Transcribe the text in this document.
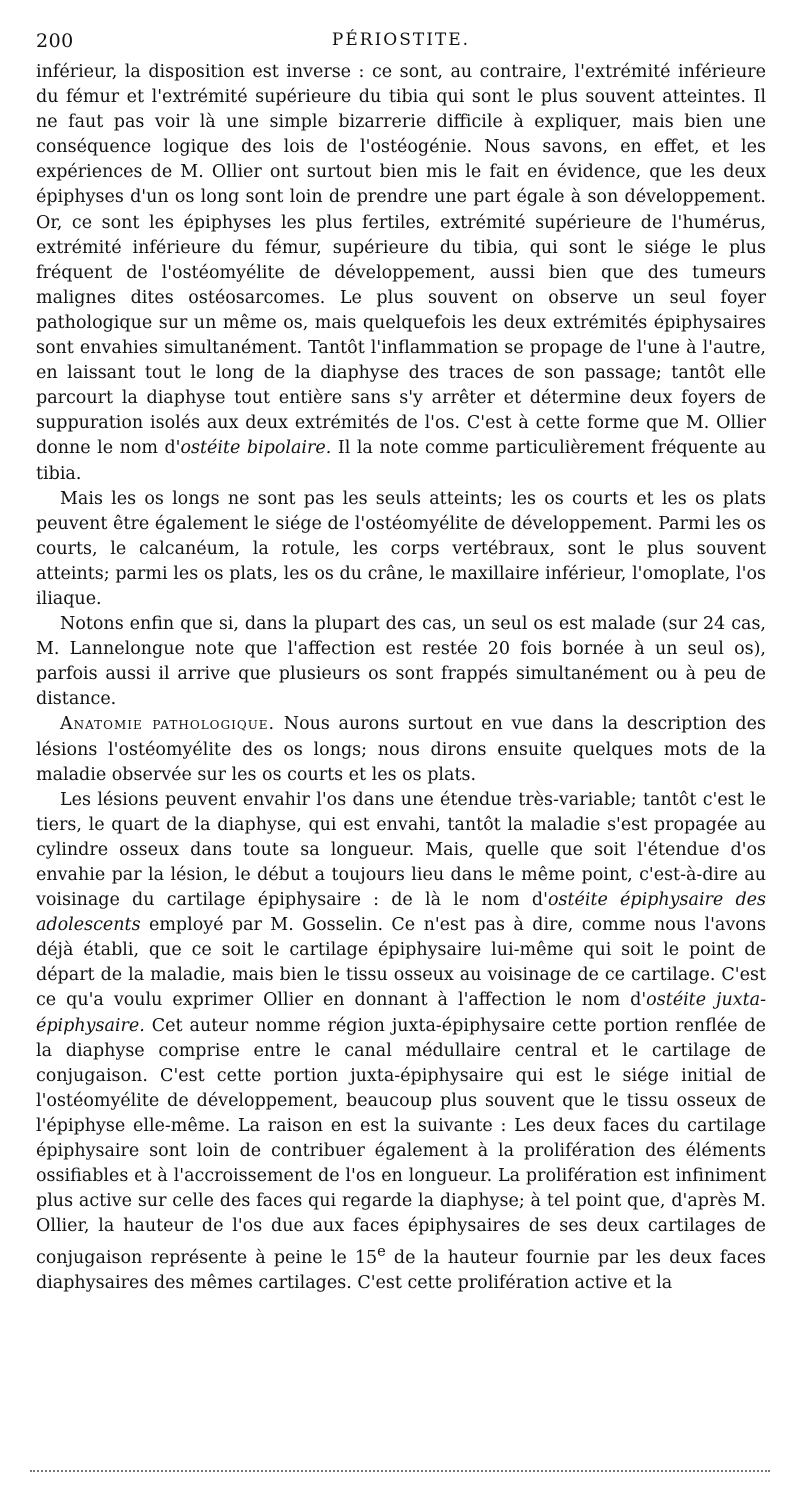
200	PÉRIOSTITE.

inférieur, la disposition est inverse : ce sont, au contraire, l'extrémité inférieure du fémur et l'extrémité supérieure du tibia qui sont le plus souvent atteintes. Il ne faut pas voir là une simple bizarrerie difficile à expliquer, mais bien une conséquence logique des lois de l'ostéogénie. Nous savons, en effet, et les expériences de M. Ollier ont surtout bien mis le fait en évidence, que les deux épiphyses d'un os long sont loin de prendre une part égale à son développement. Or, ce sont les épiphyses les plus fertiles, extrémité supérieure de l'humérus, extrémité inférieure du fémur, supérieure du tibia, qui sont le siége le plus fréquent de l'ostéomyélite de développement, aussi bien que des tumeurs malignes dites ostéosarcomes. Le plus souvent on observe un seul foyer pathologique sur un même os, mais quelquefois les deux extrémités épiphysaires sont envahies simultanément. Tantôt l'inflammation se propage de l'une à l'autre, en laissant tout le long de la diaphyse des traces de son passage; tantôt elle parcourt la diaphyse tout entière sans s'y arrêter et détermine deux foyers de suppuration isolés aux deux extrémités de l'os. C'est à cette forme que M. Ollier donne le nom d'ostéite bipolaire. Il la note comme particulièrement fréquente au tibia.

Mais les os longs ne sont pas les seuls atteints; les os courts et les os plats peuvent être également le siége de l'ostéomyélite de développement. Parmi les os courts, le calcanéum, la rotule, les corps vertébraux, sont le plus souvent atteints; parmi les os plats, les os du crâne, le maxillaire inférieur, l'omoplate, l'os iliaque.

Notons enfin que si, dans la plupart des cas, un seul os est malade (sur 24 cas, M. Lannelongue note que l'affection est restée 20 fois bornée à un seul os), parfois aussi il arrive que plusieurs os sont frappés simultanément ou à peu de distance.

Anatomie pathologique. Nous aurons surtout en vue dans la description des lésions l'ostéomyélite des os longs; nous dirons ensuite quelques mots de la maladie observée sur les os courts et les os plats.

Les lésions peuvent envahir l'os dans une étendue très-variable; tantôt c'est le tiers, le quart de la diaphyse, qui est envahi, tantôt la maladie s'est propagée au cylindre osseux dans toute sa longueur. Mais, quelle que soit l'étendue d'os envahie par la lésion, le début a toujours lieu dans le même point, c'est-à-dire au voisinage du cartilage épiphysaire : de là le nom d'ostéite épiphysaire des adolescents employé par M. Gosselin. Ce n'est pas à dire, comme nous l'avons déjà établi, que ce soit le cartilage épiphysaire lui-même qui soit le point de départ de la maladie, mais bien le tissu osseux au voisinage de ce cartilage. C'est ce qu'a voulu exprimer Ollier en donnant à l'affection le nom d'ostéite juxta-épiphysaire. Cet auteur nomme région juxta-épiphysaire cette portion renflée de la diaphyse comprise entre le canal médullaire central et le cartilage de conjugaison. C'est cette portion juxta-épiphysaire qui est le siége initial de l'ostéomyélite de développement, beaucoup plus souvent que le tissu osseux de l'épiphyse elle-même. La raison en est la suivante : Les deux faces du cartilage épiphysaire sont loin de contribuer également à la prolifération des éléments ossifiables et à l'accroissement de l'os en longueur. La prolifération est infiniment plus active sur celle des faces qui regarde la diaphyse; à tel point que, d'après M. Ollier, la hauteur de l'os due aux faces épiphysaires de ses deux cartilages de conjugaison représente à peine le 15e de la hauteur fournie par les deux faces diaphysaires des mêmes cartilages. C'est cette prolifération active et la
